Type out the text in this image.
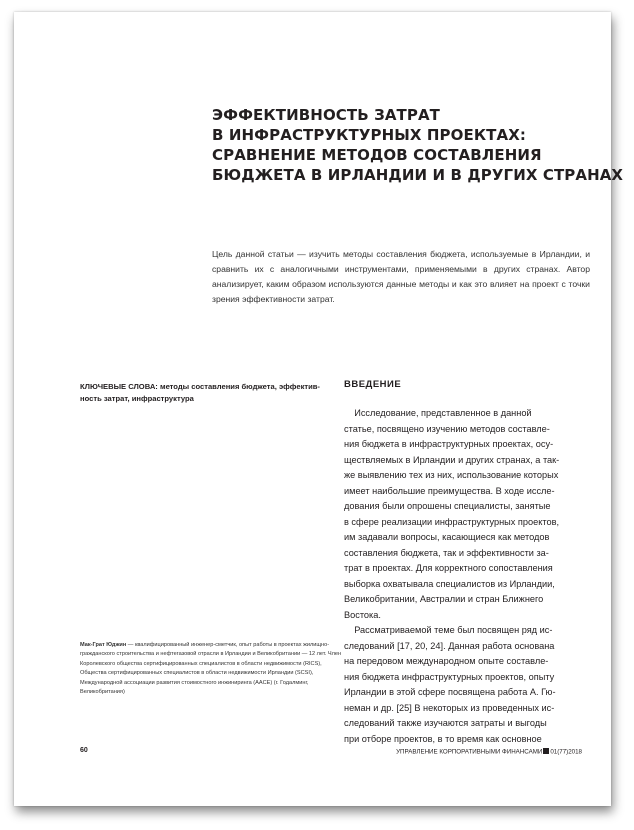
ЭФФЕКТИВНОСТЬ ЗАТРАТ
В ИНФРАСТРУКТУРНЫХ ПРОЕКТАХ:
СРАВНЕНИЕ МЕТОДОВ СОСТАВЛЕНИЯ
БЮДЖЕТА В ИРЛАНДИИ И В ДРУГИХ СТРАНАХ

Цель данной статьи — изучить методы составления бюджета, используемые в Ирландии, и сравнить их с аналогичными инструментами, применяемыми в других странах. Автор анализирует, каким образом используются данные методы и как это влияет на проект с точки зрения эффективности затрат.

КЛЮЧЕВЫЕ СЛОВА: методы составления бюджета, эффектив-ность затрат, инфраструктура

Мак-Грат Юджин — квалифицированный инженер-сметчик, опыт работы в проектах жилищно-гражданского строительства и нефтегазовой отрасли в Ирландии и Великобритании — 12 лет. Член Королевского общества сертифицированных специалистов в области недвижимости (RICS), Общества сертифицированных специалистов в области недвижимости Ирландии (SCSI), Международной ассоциации развития стоимостного инжиниринга (AACE) (г. Годалминг, Великобритания)

ВВЕДЕНИЕ
Исследование, представленное в данной
статье, посвящено изучению методов составле-
ния бюджета в инфраструктурных проектах, осу-
ществляемых в Ирландии и других странах, а так-
же выявлению тех из них, использование которых
имеет наибольшие преимущества. В ходе иссле-
дования были опрошены специалисты, занятые
в сфере реализации инфраструктурных проектов,
им задавали вопросы, касающиеся как методов
составления бюджета, так и эффективности за-
трат в проектах. Для корректного сопоставления
выборка охватывала специалистов из Ирландии,
Великобритании, Австралии и стран Ближнего
Востока.
Рассматриваемой теме был посвящен ряд ис-
следований [17, 20, 24]. Данная работа основана
на передовом международном опыте составле-
ния бюджета инфраструктурных проектов, опыту
Ирландии в этой сфере посвящена работа А. Гю-
неман и др. [25] В некоторых из проведенных ис-
следований также изучаются затраты и выгоды
при отборе проектов, в то время как основное
60	УПРАВЛЕНИЕ КОРПОРАТИВНЫМИ ФИНАНСАМИ 01(77)2018
